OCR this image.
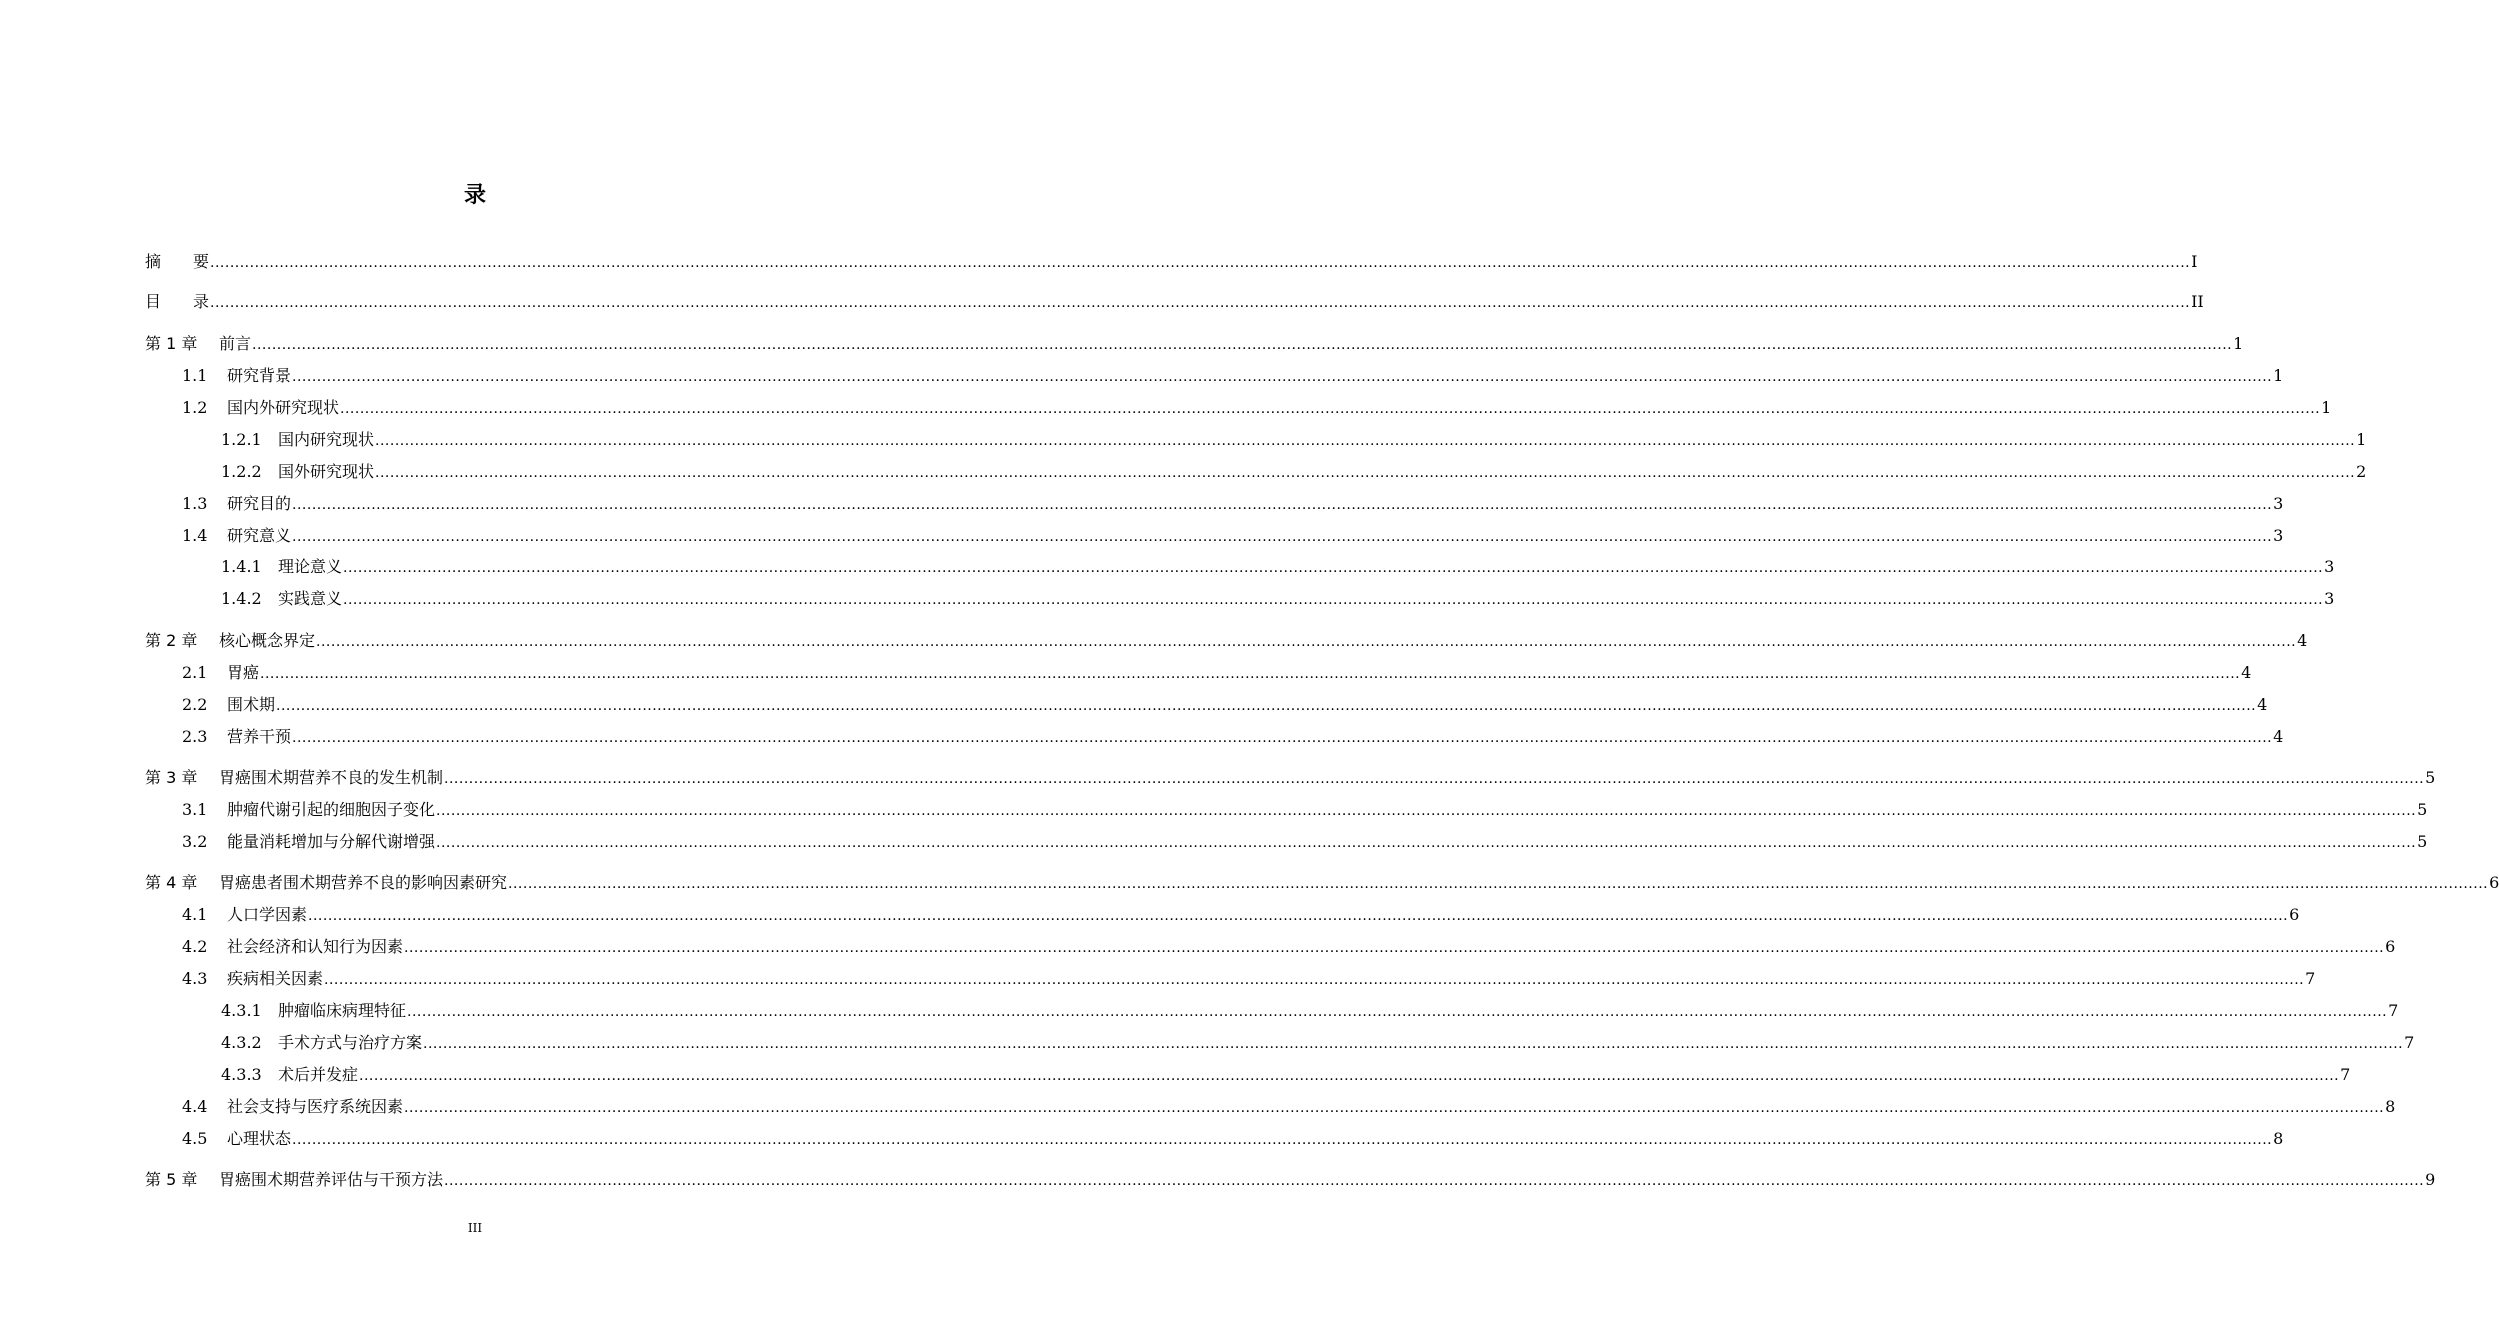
录
摘　　要 ................................................................................................................................................................................................................................................................................................................................................................................................................ I
目　　录 ................................................................................................................................................................................................................................................................................................................................................................................................................ II
第 1 章	前言 ................................................................................................................................................................................................................................................................................................................................................................................................................ 1
1.1	研究背景 ................................................................................................................................................................................................................................................................................................................................................................................................................ 1
1.2	国内外研究现状 ................................................................................................................................................................................................................................................................................................................................................................................................................ 1
1.2.1	国内研究现状 ................................................................................................................................................................................................................................................................................................................................................................................................................ 1
1.2.2	国外研究现状 ................................................................................................................................................................................................................................................................................................................................................................................................................ 2
1.3	研究目的 ................................................................................................................................................................................................................................................................................................................................................................................................................ 3
1.4	研究意义 ................................................................................................................................................................................................................................................................................................................................................................................................................ 3
1.4.1	理论意义 ................................................................................................................................................................................................................................................................................................................................................................................................................ 3
1.4.2	实践意义 ................................................................................................................................................................................................................................................................................................................................................................................................................ 3
第 2 章	核心概念界定 ................................................................................................................................................................................................................................................................................................................................................................................................................ 4
2.1	胃癌 ................................................................................................................................................................................................................................................................................................................................................................................................................ 4
2.2	围术期 ................................................................................................................................................................................................................................................................................................................................................................................................................ 4
2.3	营养干预 ................................................................................................................................................................................................................................................................................................................................................................................................................ 4
第 3 章	胃癌围术期营养不良的发生机制 ................................................................................................................................................................................................................................................................................................................................................................................................................ 5
3.1	肿瘤代谢引起的细胞因子变化 ................................................................................................................................................................................................................................................................................................................................................................................................................ 5
3.2	能量消耗增加与分解代谢增强 ................................................................................................................................................................................................................................................................................................................................................................................................................ 5
第 4 章	胃癌患者围术期营养不良的影响因素研究 ................................................................................................................................................................................................................................................................................................................................................................................................................ 6
4.1	人口学因素 ................................................................................................................................................................................................................................................................................................................................................................................................................ 6
4.2	社会经济和认知行为因素 ................................................................................................................................................................................................................................................................................................................................................................................................................ 6
4.3	疾病相关因素 ................................................................................................................................................................................................................................................................................................................................................................................................................ 7
4.3.1	肿瘤临床病理特征 ................................................................................................................................................................................................................................................................................................................................................................................................................ 7
4.3.2	手术方式与治疗方案 ................................................................................................................................................................................................................................................................................................................................................................................................................ 7
4.3.3	术后并发症 ................................................................................................................................................................................................................................................................................................................................................................................................................ 7
4.4	社会支持与医疗系统因素 ................................................................................................................................................................................................................................................................................................................................................................................................................ 8
4.5	心理状态 ................................................................................................................................................................................................................................................................................................................................................................................................................ 8
第 5 章	胃癌围术期营养评估与干预方法 ................................................................................................................................................................................................................................................................................................................................................................................................................ 9
III
